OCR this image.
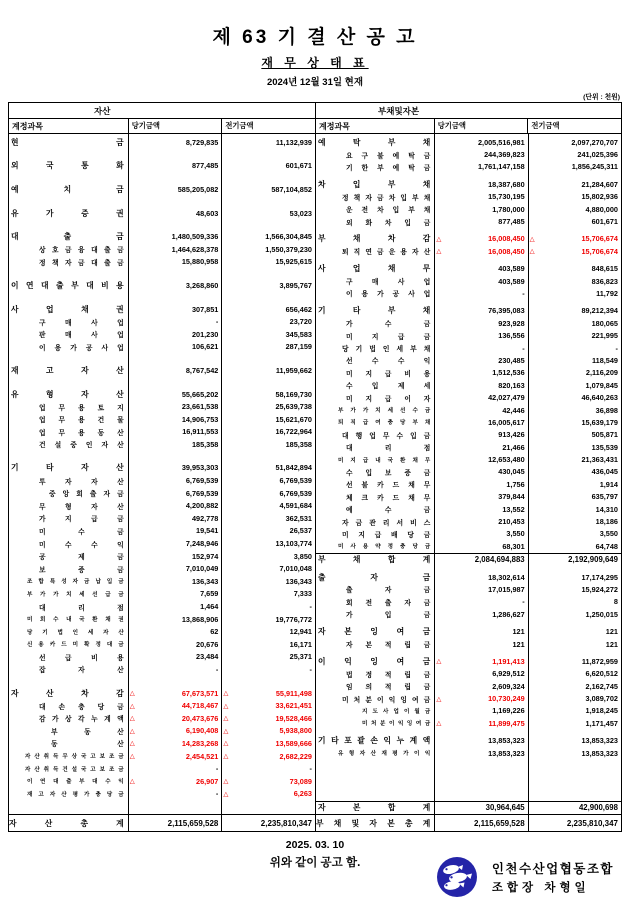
제 63 기 결 산 공 고
재 무 상 태 표
2024년 12월 31일 현재
(단위 : 천원)
자산	부채및자본
계정과목	당기금액	전기금액	계정과목	당기금액	전기금액
현	금	8,729,835	11,132,939
외	국	통	화	877,485	601,671
예	치	금	585,205,082	587,104,852
유	가	증	권	48,603	53,023
대	출	금	1,480,509,336	1,566,304,845
상 호 금 융 대 출 금	1,464,628,378	1,550,379,230
정 책 자 금 대 출 금	15,880,958	15,925,615
이 연 대 출 부 대 비 용	3,268,860	3,895,767
사	업	채	권	307,851	656,462
구	매	사	업	-	23,720
판	매	사	업	201,230	345,583
이 용 가 공 사 업	106,621	287,159
재	고	자	산	8,767,542	11,959,662
유	형	자	산	55,665,202	58,169,730
업 무 용 토 지	23,661,538	25,639,738
업 무 용 건 물	14,906,753	15,621,670
업 무 용 동 산	16,911,553	16,722,964
건 설 중 인 자 산	185,358	185,358
기	타	자	산	39,953,303	51,842,894
투	자	자	산	6,769,539	6,769,539
중 앙 회 출 자 금	6,769,539	6,769,539
무	형	자	산	4,200,882	4,591,684
가	지	급	금	492,778	362,531
미	수	금	19,541	26,537
미	수	수	익	7,248,946	13,103,774
공	제	금	152,974	3,850
보	증	금	7,010,049	7,010,048
조 합 특 성 자 금 납 입 금	136,343	136,343
부 가 가 치 세 선 급 금	7,659	7,333
대	리	점	1,464	-
미 회 수 내 국 환 채 권	13,868,906	19,776,772
당 기 법 인 세 자 산	62	12,941
신 용 카 드 미 확 정 대 금	20,676	16,171
선	급	비	용	23,484	25,371
잡	자	산	-	-
자	산	차	감 △	67,673,571 △	55,911,498
대 손 충 당 금 △	44,718,467 △	33,621,451
감 가 상 각 누 계 액 △	20,473,676 △	19,528,466
부	동	산 △	6,190,408 △	5,938,800
동	산 △	14,283,268 △	13,589,666
자 산 취 득 무 상 국 고 보 조 금 △	2,454,521 △	2,682,229
자 산 취 득 건 설 국 고 보 조 금	-	-
이 연 대 출 부 대 수 익 △	26,907 △	73,089
재 고 자 산 평 가 충 당 금	- △	6,263
예	탁	부	채	2,005,516,981	2,097,270,707
요 구 불 예 탁 금	244,369,823	241,025,396
기 한 부 예 탁 금	1,761,147,158	1,856,245,311
차	입	부	채	18,387,680	21,284,607
정 책 자 금 차 입 부 채	15,730,195	15,802,936
운 전 차 입 부 채	1,780,000	4,880,000
외 화 차 입 금	877,485	601,671
부	채	차	감 △	16,008,450 △	15,706,674
퇴 직 연 금 운 용 자 산 △	16,008,450 △	15,706,674
사	업	채	무	403,589	848,615
구	매	사	업	403,589	836,823
이 용 가 공 사 업	-	11,792
기	타	부	채	76,395,083	89,212,394
가	수	금	923,928	180,065
미	지	급	금	136,556	221,995
당 기 법 인 세 부 채	-	-
선	수	수	익	230,485	118,549
미 지 급 비 용	1,512,536	2,116,209
수	입	제	세	820,163	1,079,845
미 지 급 이 자	42,027,479	46,640,263
부 가 가 치 세 선 수 금	42,446	36,898
퇴 직 급 여 충 당 부 채	16,005,617	15,639,179
대 행 업 무 수 입 금	913,426	505,871
대	리	점	21,466	135,539
미 지 급 내 국 환 채 무	12,653,480	21,363,431
수 입 보 증 금	430,045	436,045
선 불 카 드 채 무	1,756	1,914
체 크 카 드 채 무	379,844	635,797
예	수	금	13,552	14,310
자 금 관 리 서 비 스	210,453	18,186
미 지 급 배 당 금	3,550	3,550
미 사 용 약 정 충 당 금	68,301	64,748
부	채	합	계	2,084,694,883	2,192,909,649
출	자	금	18,302,614	17,174,295
출	자	금	17,015,987	15,924,272
회 전 출 자 금	-	8
가	입	금	1,286,627	1,250,015
자 본 잉 여 금	121	121
자 본 적 립 금	121	121
이 익 잉 여 금 △	1,191,413	11,872,959
법 정 적 립 금	6,929,512	6,620,512
임 의 적 립 금	2,609,324	2,162,745
미 처 분 이 익 잉 여 금 △	10,730,249	3,089,702
지 도 사 업 이 월 금	1,169,226	1,918,245
미 처 분 이 익 잉 여 금 △	11,899,475	1,171,457
기 타 포 괄 손 익 누 계 액	13,853,323	13,853,323
유 형 자 산 재 평 가 이 익	13,853,323	13,853,323
자	본	합	계	30,964,645	42,900,698
자	산	총	계	2,115,659,528	2,235,810,347 부 채 및 자 본 총 계	2,115,659,528	2,235,810,347
2025. 03. 10
위와 같이 공고 함.	인천수산업협동조합
조합장 차형일
